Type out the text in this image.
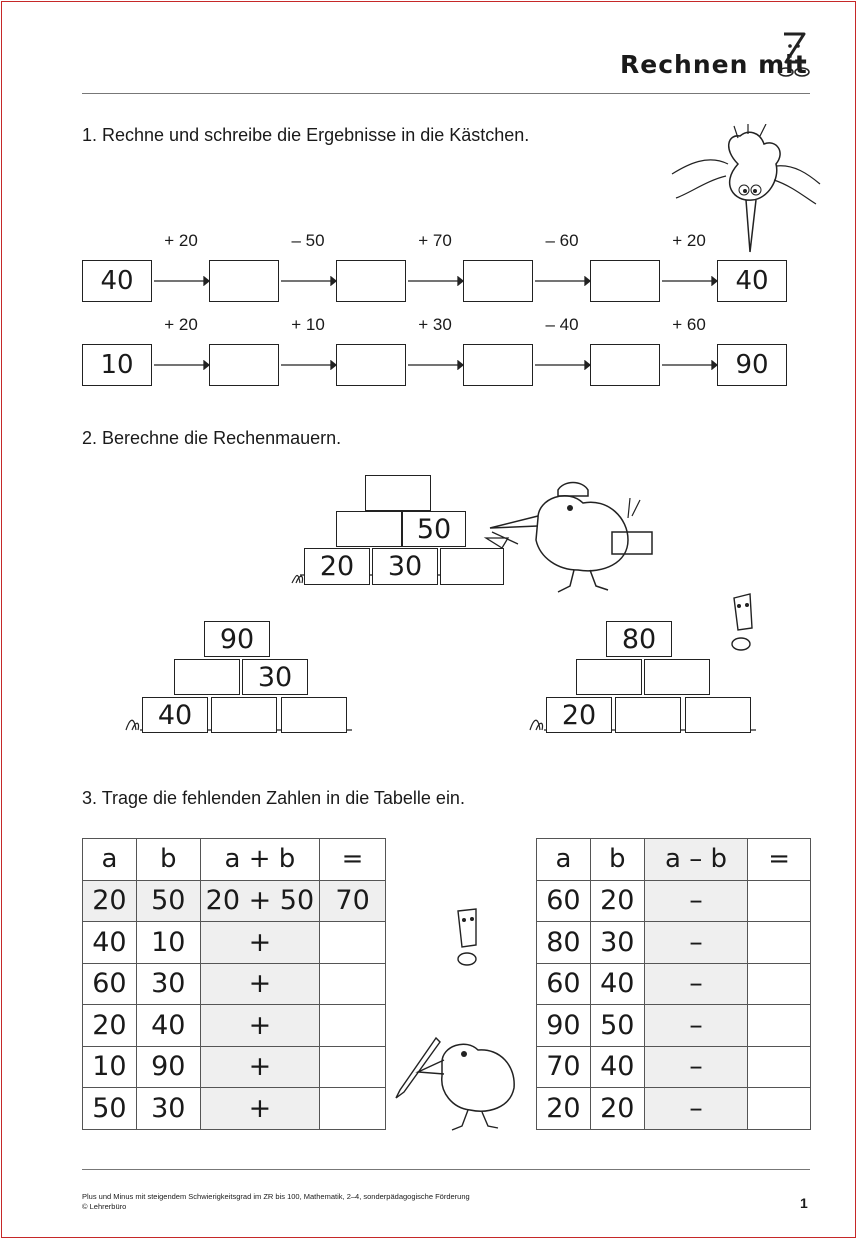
Rechnen mit
1. Rechne und schreibe die Ergebnisse in die Kästchen.
+ 20	– 50	+ 70	– 60	+ 20
40	40
+ 20	+ 10	+ 30	– 40	+ 60
10	90
2. Berechne die Rechenmauern.
50
20	30
90
30
40
80
20
3. Trage die fehlenden Zahlen in die Tabelle ein.
a	b	a + b	=
20	50	20 + 50	70
40	10	+	
60	30	+	
20	40	+	
10	90	+	
50	30	+	
a	b	a – b	=
60	20	–	
80	30	–	
60	40	–	
90	50	–	
70	40	–	
20	20	–	
Plus und Minus mit steigendem Schwierigkeitsgrad im ZR bis 100, Mathematik, 2–4, sonderpädagogische Förderung
© Lehrerbüro	1
